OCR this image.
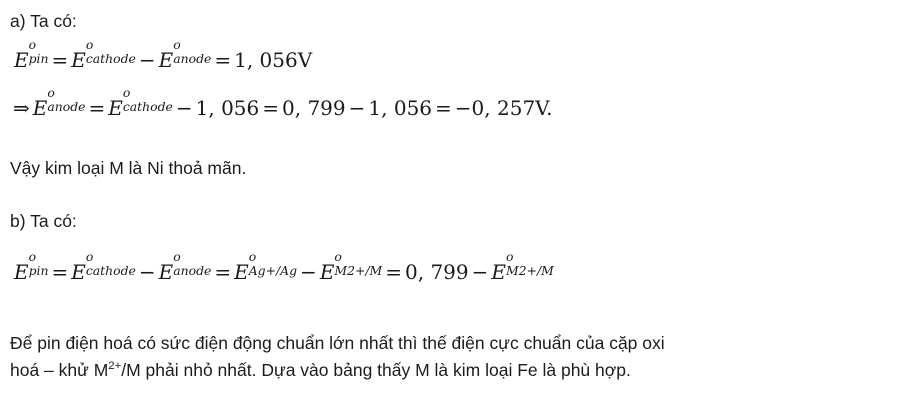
a) Ta có:
E
o
pin = E
o
cathode − E
o
anode = 1, 056V
⇒ E
o
anode = E
o
cathode − 1, 056 = 0, 799 − 1, 056 = −0, 257V.
Vậy kim loại M là Ni thoả mãn.
b) Ta có:
E
o
pin = E
o
cathode − E
o
anode = E
o
Ag+/Ag − E
o
M2+/M = 0, 799 − E
o
M2+/M
Để pin điện hoá có sức điện động chuẩn lớn nhất thì thế điện cực chuẩn của cặp oxi
hoá – khử $M^{2+}/M$ phải nhỏ nhất. Dựa vào bảng thấy M là kim loại Fe là phù hợp.
